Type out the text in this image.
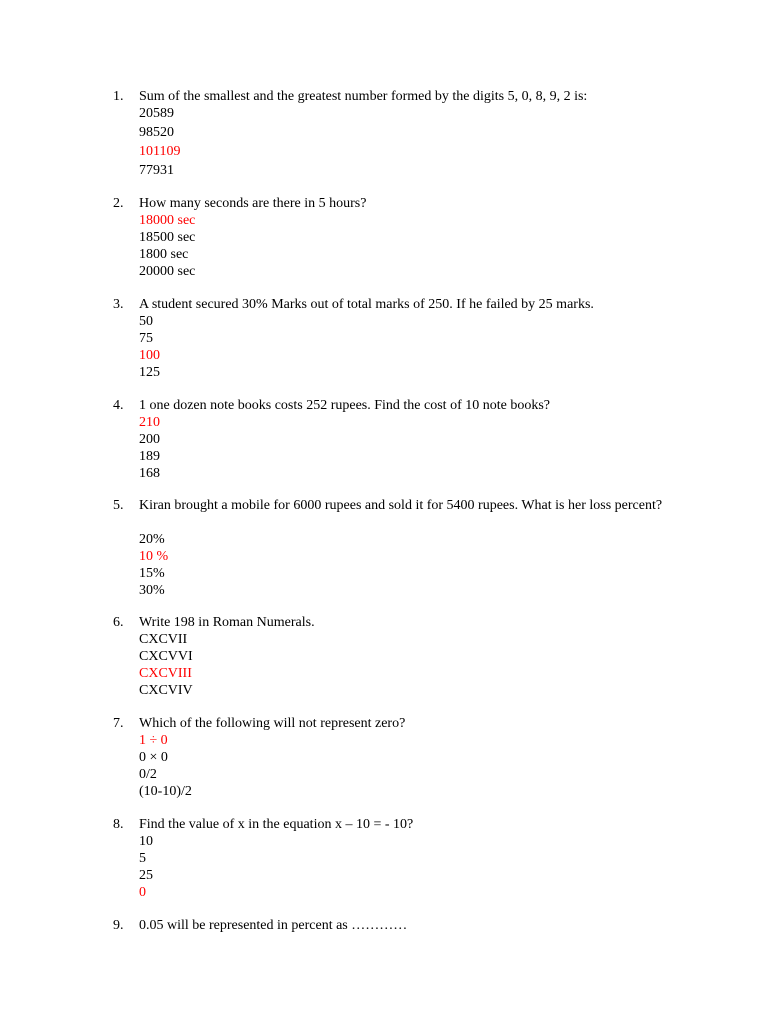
1. Sum of the smallest and the greatest number formed by the digits 5, 0, 8, 9, 2 is:
20589
98520
101109
77931
2. How many seconds are there in 5 hours?
18000 sec
18500 sec
1800 sec
20000 sec
3. A student secured 30% Marks out of total marks of 250. If he failed by 25 marks.
50
75
100
125
4. 1 one dozen note books costs 252 rupees. Find the cost of 10 note books?
210
200
189
168
5. Kiran brought a mobile for 6000 rupees and sold it for 5400 rupees. What is her loss percent?
20%
10 %
15%
30%
6. Write 198 in Roman Numerals.
CXCVII
CXCVVI
CXCVIII
CXCVIV
7. Which of the following will not represent zero?
1 ÷ 0
0 × 0
0/2
(10-10)/2
8. Find the value of x in the equation x – 10 = - 10?
10
5
25
0
9. 0.05 will be represented in percent as …………
